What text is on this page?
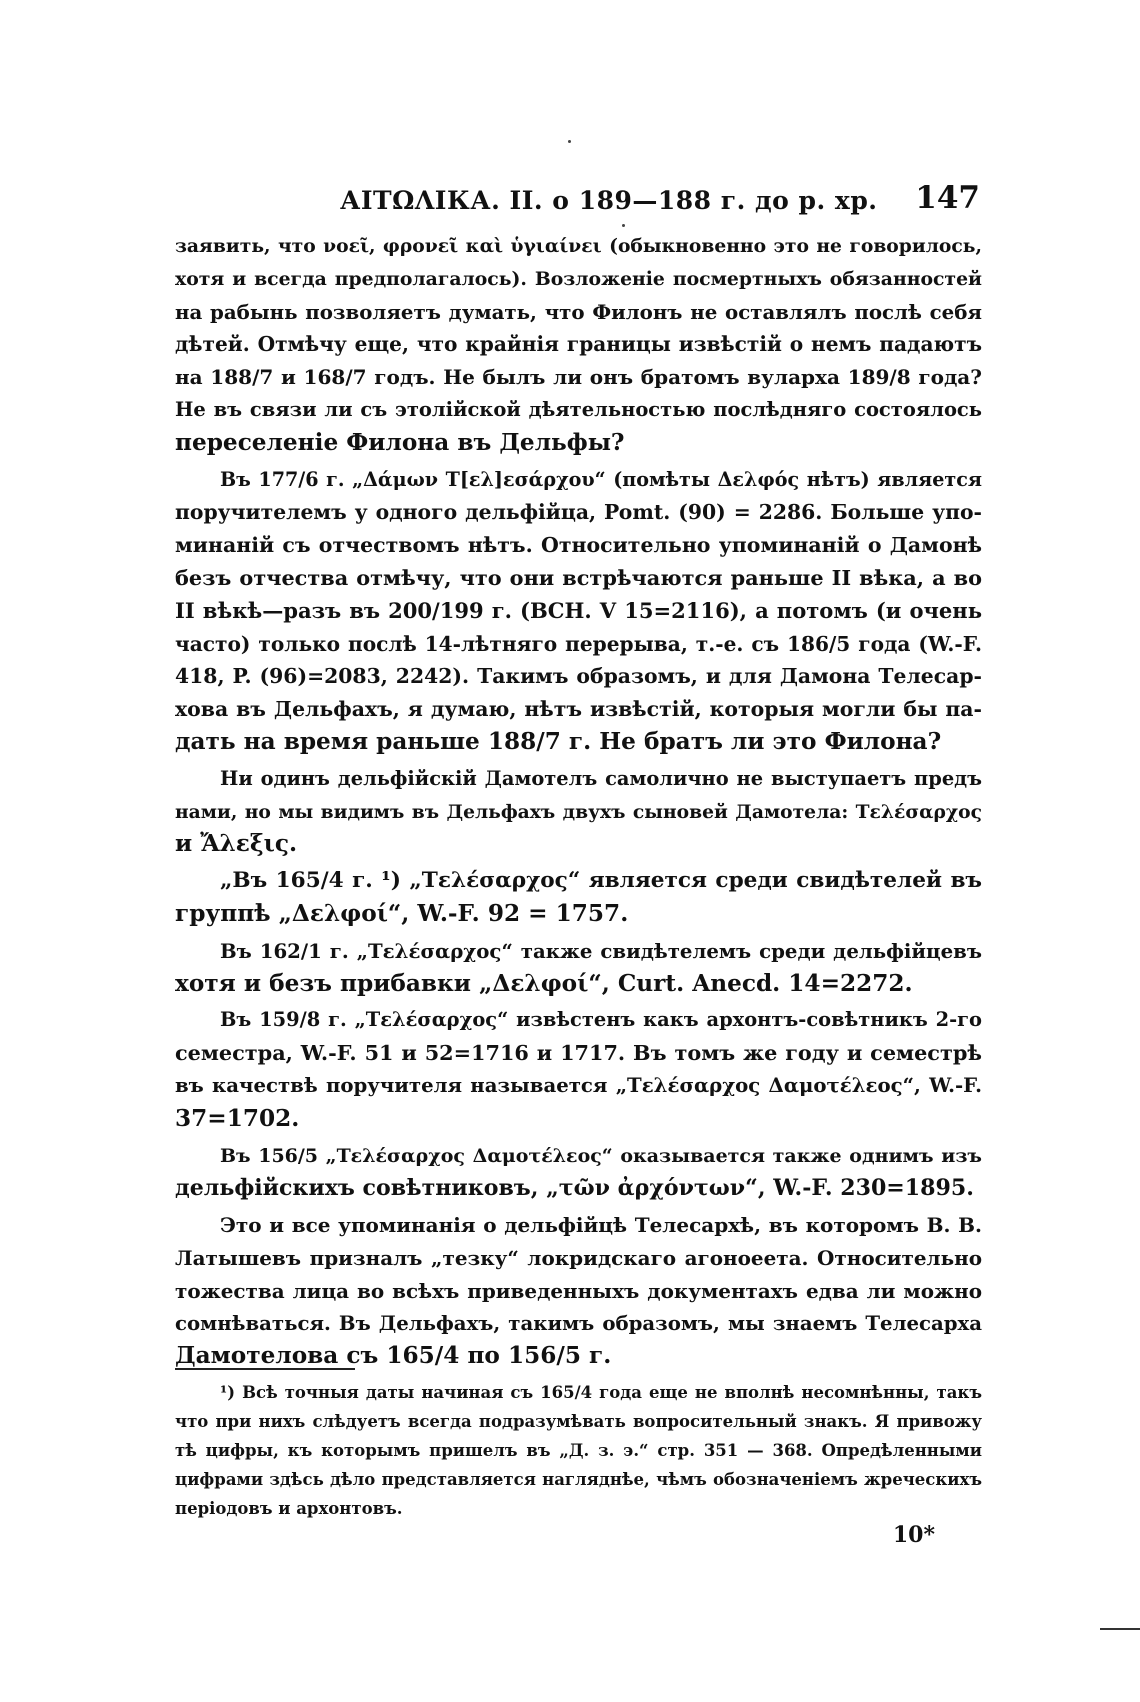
АІТΩΛІКА. ІІ. о 189—188 г. до р. хр. 147
заявить, что νοεῖ, φρονεῖ καὶ ὑγιαίνει (обыкновенно это не говорилось,
хотя и всегда предполагалось). Возложеніе посмертныхъ обязанностей
на рабынь позволяетъ думать, что Филонъ не оставлялъ послѣ себя
дѣтей. Отмѣчу еще, что крайнія границы извѣстій о немъ падаютъ
на 188/7 и 168/7 годъ. Не былъ ли онъ братомъ вуларха 189/8 года?
Не въ связи ли съ этолійской дѣятельностью послѣдняго состоялось
переселеніе Филона въ Дельфы?
Въ 177/6 г. „Δάμων Τ[ελ]εσάρχου“ (помѣты Δελφός нѣтъ) является
поручителемъ у одного дельфійца, Pomt. (90) = 2286. Больше упо-
минаній съ отчествомъ нѣтъ. Относительно упоминаній о Дамонѣ
безъ отчества отмѣчу, что они встрѣчаются раньше II вѣка, а во
II вѣкѣ—разъ въ 200/199 г. (ВСН. V 15=2116), а потомъ (и очень
часто) только послѣ 14-лѣтняго перерыва, т.-е. съ 186/5 года (W.-F.
418, P. (96)=2083, 2242). Такимъ образомъ, и для Дамона Телесар-
хова въ Дельфахъ, я думаю, нѣтъ извѣстій, которыя могли бы па-
дать на время раньше 188/7 г. Не братъ ли это Филона?
Ни одинъ дельфійскій Дамотелъ самолично не выступаетъ предъ
нами, но мы видимъ въ Дельфахъ двухъ сыновей Дамотела: Τελέσαρχος
и Ἄλεξις.
„Въ 165/4 г. ¹) „Τελέσαρχος“ является среди свидѣтелей въ
группѣ „Δελφοί“, W.-F. 92 = 1757.
Въ 162/1 г. „Τελέσαρχος“ также свидѣтелемъ среди дельфійцевъ
хотя и безъ прибавки „Δελφοί“, Curt. Anecd. 14=2272.
Въ 159/8 г. „Τελέσαρχος“ извѣстенъ какъ архонтъ-совѣтникъ 2-го
семестра, W.-F. 51 и 52=1716 и 1717. Въ томъ же году и семестрѣ
въ качествѣ поручителя называется „Τελέσαρχος Δαμοτέλεος“, W.-F.
37=1702.
Въ 156/5 „Τελέσαρχος Δαμοτέλεος“ оказывается также однимъ изъ
дельфійскихъ совѣтниковъ, „τῶν ἀρχόντων“, W.-F. 230=1895.
Это и все упоминанія о дельфійцѣ Телесархѣ, въ которомъ В. В.
Латышевъ призналъ „тезку“ локридскаго агоноеета. Относительно
тожества лица во всѣхъ приведенныхъ документахъ едва ли можно
сомнѣваться. Въ Дельфахъ, такимъ образомъ, мы знаемъ Телесарха
Дамотелова съ 165/4 по 156/5 г.
¹) Всѣ точныя даты начиная съ 165/4 года еще не вполнѣ несомнѣнны, такъ
что при нихъ слѣдуетъ всегда подразумѣвать вопросительный знакъ. Я привожу
тѣ цифры, къ которымъ пришелъ въ „Д. з. э.“ стр. 351 — 368. Опредѣленными
цифрами здѣсь дѣло представляется нагляднѣе, чѣмъ обозначеніемъ жреческихъ
періодовъ и архонтовъ.
10*
